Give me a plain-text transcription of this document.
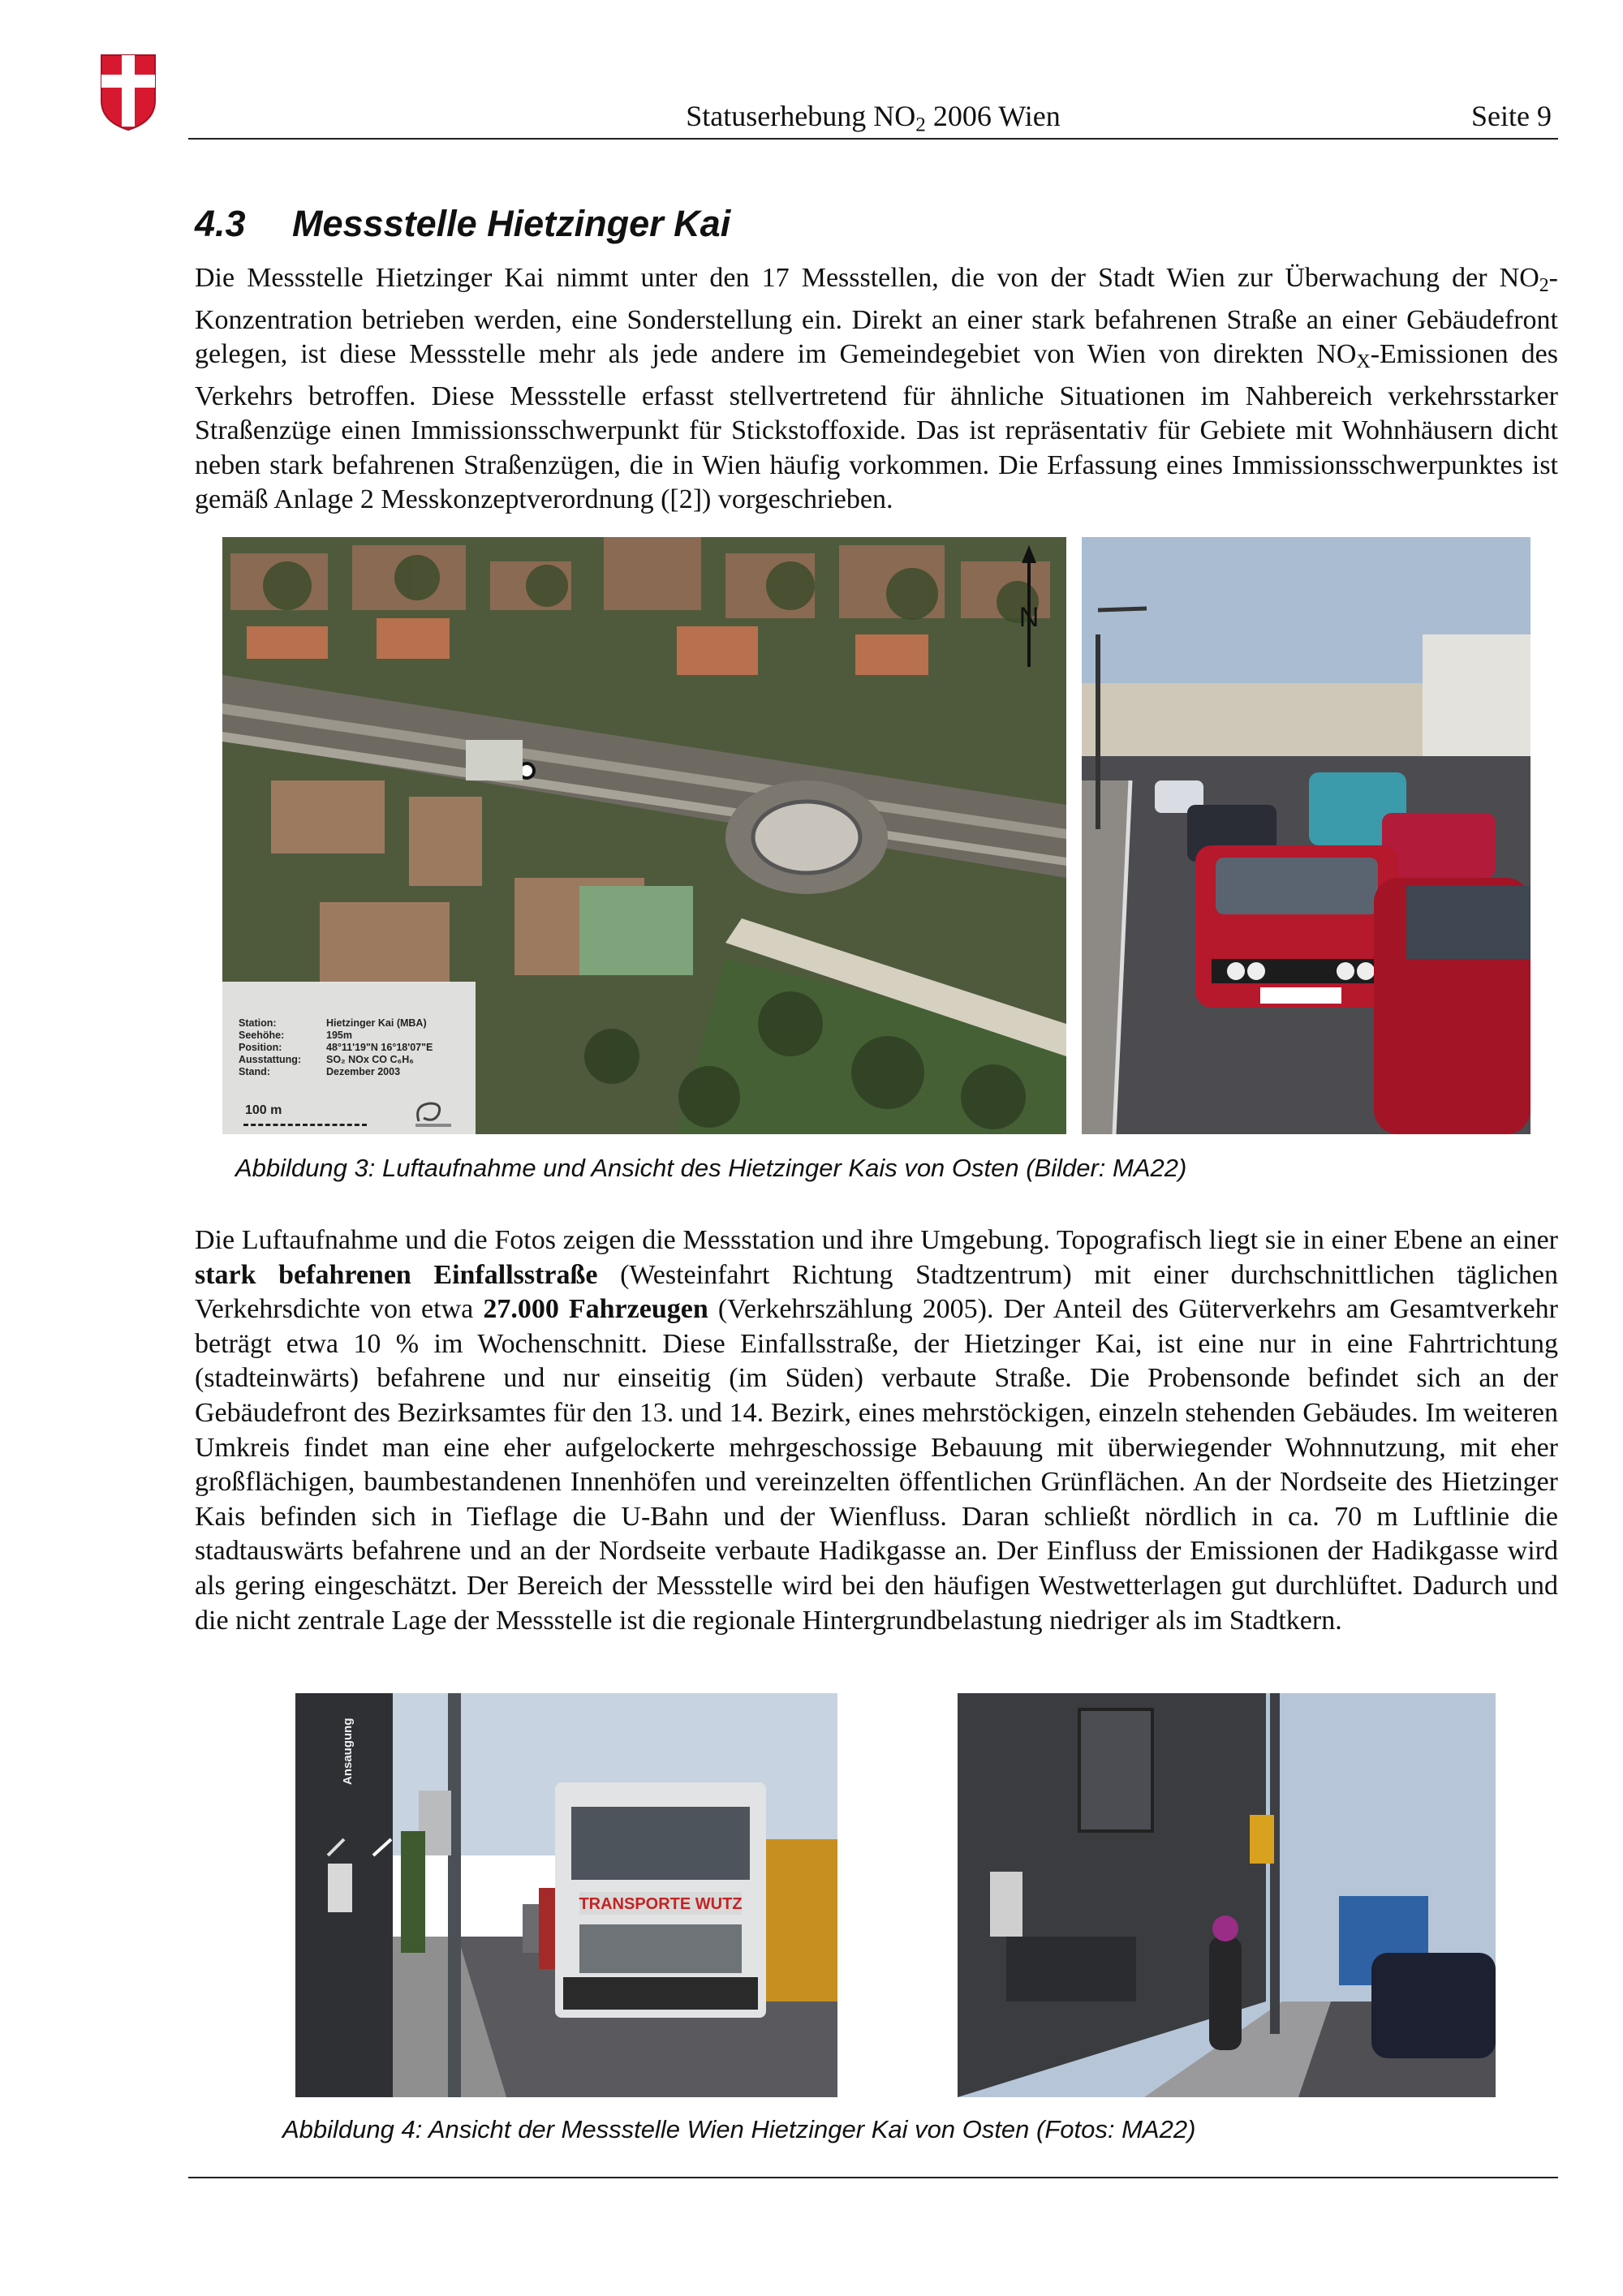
Statuserhebung $NO_2$ 2006 Wien	Seite 9
4.3 Messstelle Hietzinger Kai

Die Messstelle Hietzinger Kai nimmt unter den 17 Messstellen, die von der Stadt Wien zur Überwachung der $NO_2$-Konzentration betrieben werden, eine Sonderstellung ein. Direkt an einer stark befahrenen Straße an einer Gebäudefront gelegen, ist diese Messstelle mehr als jede andere im Gemeindegebiet von Wien von direkten $NO_X$-Emissionen des Verkehrs betroffen. Diese Messstelle erfasst stellvertretend für ähnliche Situationen im Nahbereich verkehrsstarker Straßenzüge einen Immissionsschwerpunkt für Stickstoffoxide. Das ist repräsentativ für Gebiete mit Wohnhäusern dicht neben stark befahrenen Straßenzügen, die in Wien häufig vorkommen. Die Erfassung eines Immissionsschwerpunktes ist gemäß Anlage 2 Messkonzeptverordnung ([2]) vorgeschrieben.

N
Station:	Hietzinger Kai (MBA)
Seehöhe:	195m
Position:	48°11'19"N 16°18'07"E
Ausstattung: SO₂ NOx CO C₆H₆
Stand:	Dezember 2003
100 m
Abbildung 3: Luftaufnahme und Ansicht des Hietzinger Kais von Osten (Bilder: MA22)

Die Luftaufnahme und die Fotos zeigen die Messstation und ihre Umgebung. Topografisch liegt sie in einer Ebene an einer stark befahrenen Einfallsstraße (Westeinfahrt Richtung Stadtzentrum) mit einer durchschnittlichen täglichen Verkehrsdichte von etwa 27.000 Fahrzeugen (Verkehrszählung 2005). Der Anteil des Güterverkehrs am Gesamtverkehr beträgt etwa 10 % im Wochenschnitt. Diese Einfallsstraße, der Hietzinger Kai, ist eine nur in eine Fahrtrichtung (stadteinwärts) befahrene und nur einseitig (im Süden) verbaute Straße. Die Probensonde befindet sich an der Gebäudefront des Bezirksamtes für den 13. und 14. Bezirk, eines mehrstöckigen, einzeln stehenden Gebäudes. Im weiteren Umkreis findet man eine eher aufgelockerte mehrgeschossige Bebauung mit überwiegender Wohnnutzung, mit eher großflächigen, baumbestandenen Innenhöfen und vereinzelten öffentlichen Grünflächen. An der Nordseite des Hietzinger Kais befinden sich in Tieflage die U-Bahn und der Wienfluss. Daran schließt nördlich in ca. 70 m Luftlinie die stadtauswärts befahrene und an der Nordseite verbaute Hadikgasse an. Der Einfluss der Emissionen der Hadikgasse wird als gering eingeschätzt. Der Bereich der Messstelle wird bei den häufigen Westwetterlagen gut durchlüftet. Dadurch und die nicht zentrale Lage der Messstelle ist die regionale Hintergrundbelastung niedriger als im Stadtkern.

TRANSPORTE WUTZ
Ansaugung
Abbildung 4: Ansicht der Messstelle Wien Hietzinger Kai von Osten (Fotos: MA22)
